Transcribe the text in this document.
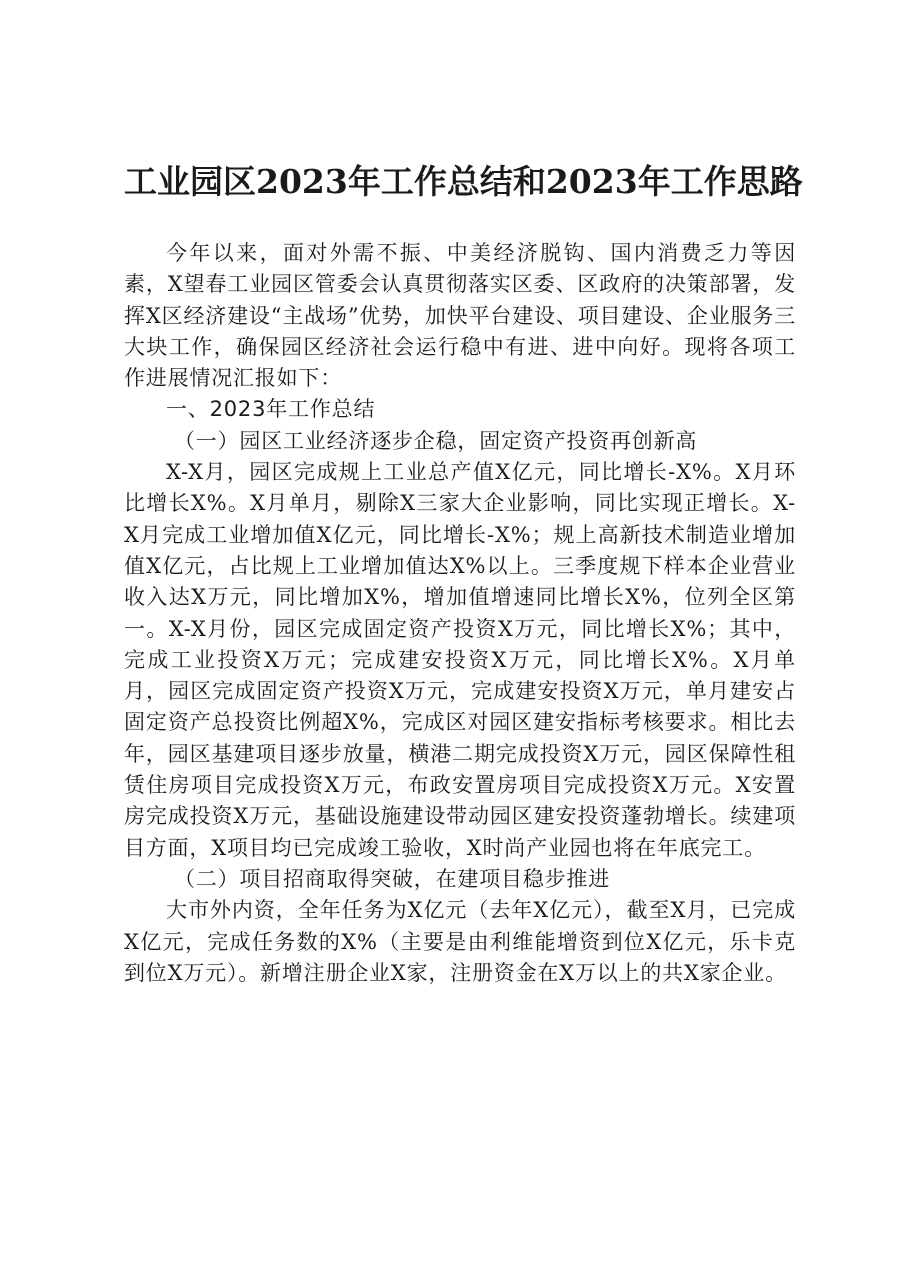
工业园区2023年工作总结和2023年工作思路

今年以来，面对外需不振、中美经济脱钩、国内消费乏力等因素，X望春工业园区管委会认真贯彻落实区委、区政府的决策部署，发挥X区经济建设“主战场”优势，加快平台建设、项目建设、企业服务三大块工作，确保园区经济社会运行稳中有进、进中向好。现将各项工作进展情况汇报如下：

一、2023年工作总结
（一）园区工业经济逐步企稳，固定资产投资再创新高

X-X月，园区完成规上工业总产值X亿元，同比增长-X%。X月环比增长X%。X月单月，剔除X三家大企业影响，同比实现正增长。X-X月完成工业增加值X亿元，同比增长-X%；规上高新技术制造业增加值X亿元，占比规上工业增加值达X%以上。三季度规下样本企业营业收入达X万元，同比增加X%，增加值增速同比增长X%，位列全区第一。X-X月份，园区完成固定资产投资X万元，同比增长X%；其中，完成工业投资X万元；完成建安投资X万元，同比增长X%。X月单月，园区完成固定资产投资X万元，完成建安投资X万元，单月建安占固定资产总投资比例超X%，完成区对园区建安指标考核要求。相比去年，园区基建项目逐步放量，横港二期完成投资X万元，园区保障性租赁住房项目完成投资X万元，布政安置房项目完成投资X万元。X安置房完成投资X万元，基础设施建设带动园区建安投资蓬勃增长。续建项目方面，X项目均已完成竣工验收，X时尚产业园也将在年底完工。

（二）项目招商取得突破，在建项目稳步推进

大市外内资，全年任务为X亿元（去年X亿元），截至X月，已完成X亿元，完成任务数的X%（主要是由利维能增资到位X亿元，乐卡克到位X万元）。新增注册企业X家，注册资金在X万以上的共X家企业。
